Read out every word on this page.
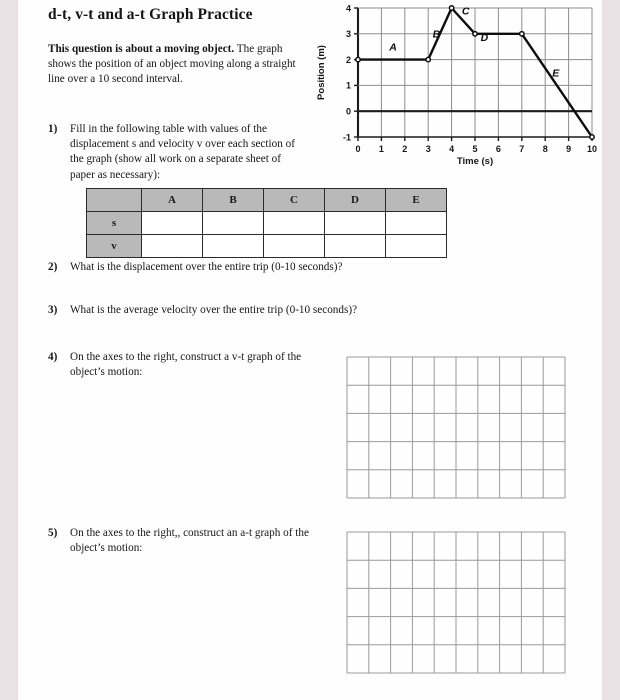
d-t, v-t and a-t Graph Practice
This question is about a moving object. The graph shows the position of an object moving along a straight line over a 10 second interval.
1) Fill in the following table with values of the displacement s and velocity v over each section of the graph (show all work on a separate sheet of paper as necessary):
	A	B	C	D	E
s					
v					
2) What is the displacement over the entire trip (0-10 seconds)?
3) What is the average velocity over the entire trip (0-10 seconds)?
4) On the axes to the right, construct a v-t graph of the object’s motion:
5) On the axes to the right,, construct an a-t graph of the object’s motion:
0 1 2 3 4 5 6 7 8 9 10
-1
0
1
2
3
4
Time (s)
Position (m)	A
B
C
D
E
